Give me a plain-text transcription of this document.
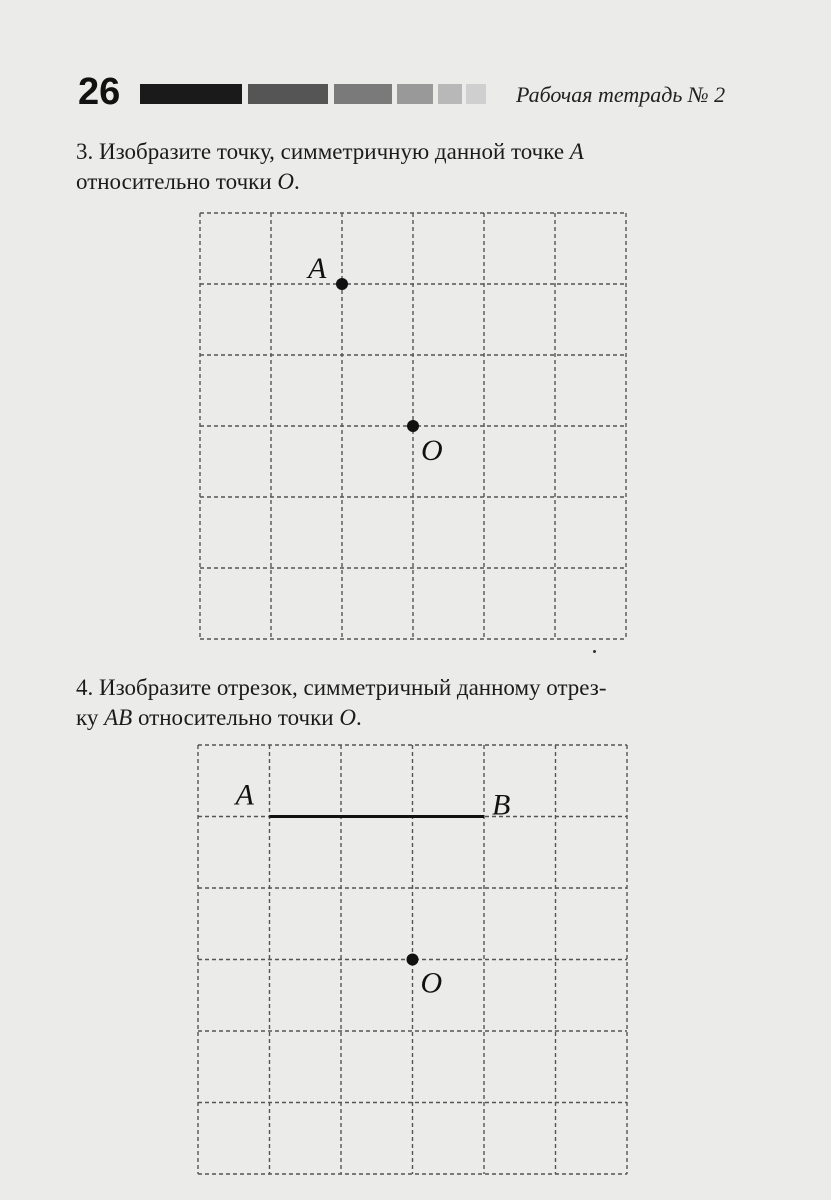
26	Рабочая тетрадь № 2
3. Изобразите точку, симметричную данной точке A
относительно точки O.
4. Изобразите отрезок, симметричный данному отрез-
ку AB относительно точки O.
A
O
A	B
O
